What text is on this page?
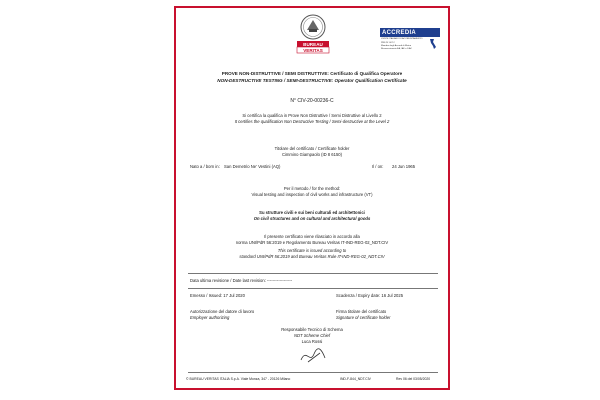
BUREAU
VERITAS
ACCREDIA
L'ENTE ITALIANO DI ACCREDITAMENTO
PRS N° 007 C
Membro degli Accordi di Mutuo
Riconoscimento EA, IAF e ILAC
PROVE NON-DISTRUTTIVE / SEMI DISTRUTTIVE: Certificato di Qualifica Operatore
NON-DESTRUCTIVE TESTING / SEMI-DESTRUCTIVE: Operator Qualification Certificate
N° CIV-20-00236-C
Si certifica la qualifica in Prove Non Distruttive / Semi Distruttive al Livello 2
It certifies the qualification Non Destructive Testing / Semi-destructive at the Level 2
Titolare del certificato / Certificate holder
Cimmino Giampaolo (ID 8 6150)
Nato a / born in: San Demetrio Ne' Vestini (AQ)	Il / on: 24 Jun 1965
Per il metodo / for the method:
Visual testing and inspection of civil works and infrastructure (VT)
Su strutture civili e sui beni culturali ed architettonici
On civil structures and on cultural and architectural goods
Il presente certificato viene rilasciato in accordo alla
norma UNI/PdR 56:2019 e Regolamento Bureau Veritas IT-IND-REG-02_NDT.CIV
This certificate is issued according to
standard UNI/PdR 56:2019 and Bureau Veritas Rule IT-IND-REG-02_NDT.CIV
Data ultima revisione / Date last revision: ------------------
Emesso / Issued: 17 Jul 2020	Scadenza / Expiry date: 16 Jul 2025
Autorizzazione del datore di lavoro
Employer authorizing
Firma titolare del certificato
Signature of certificate holder
Responsabile Tecnico di Schema
NDT Scheme Chief
Luca Rossi
© BUREAU VERITAS ITALIA S.p.A. Viale Monza, 347 - 20126 Milano	IND-F-844_NDT.CIV	Rev 06 del 03/05/2020
